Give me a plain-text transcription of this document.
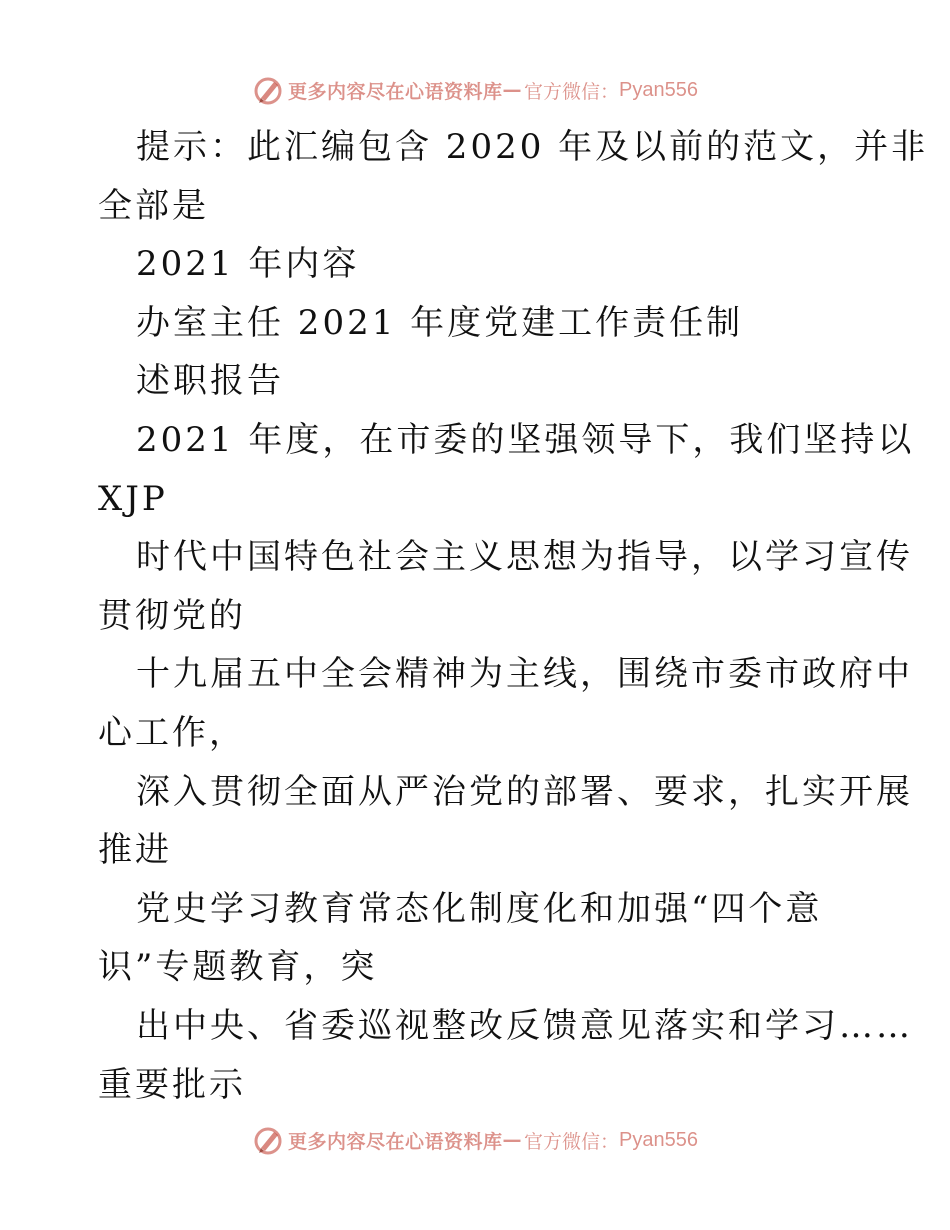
更多内容尽在心语资料库 — 官方微信： Pyan556
提示：此汇编包含 2020 年及以前的范文，并非
全部是
2021 年内容
办室主任 2021 年度党建工作责任制
述职报告
2021 年度，在市委的坚强领导下，我们坚持以
XJP
时代中国特色社会主义思想为指导，以学习宣传
贯彻党的
十九届五中全会精神为主线，围绕市委市政府中
心工作，
深入贯彻全面从严治党的部署、要求，扎实开展
推进
党史学习教育常态化制度化和加强“四个意
识”专题教育，突
出中央、省委巡视整改反馈意见落实和学习……
重要批示
更多内容尽在心语资料库 — 官方微信： Pyan556
